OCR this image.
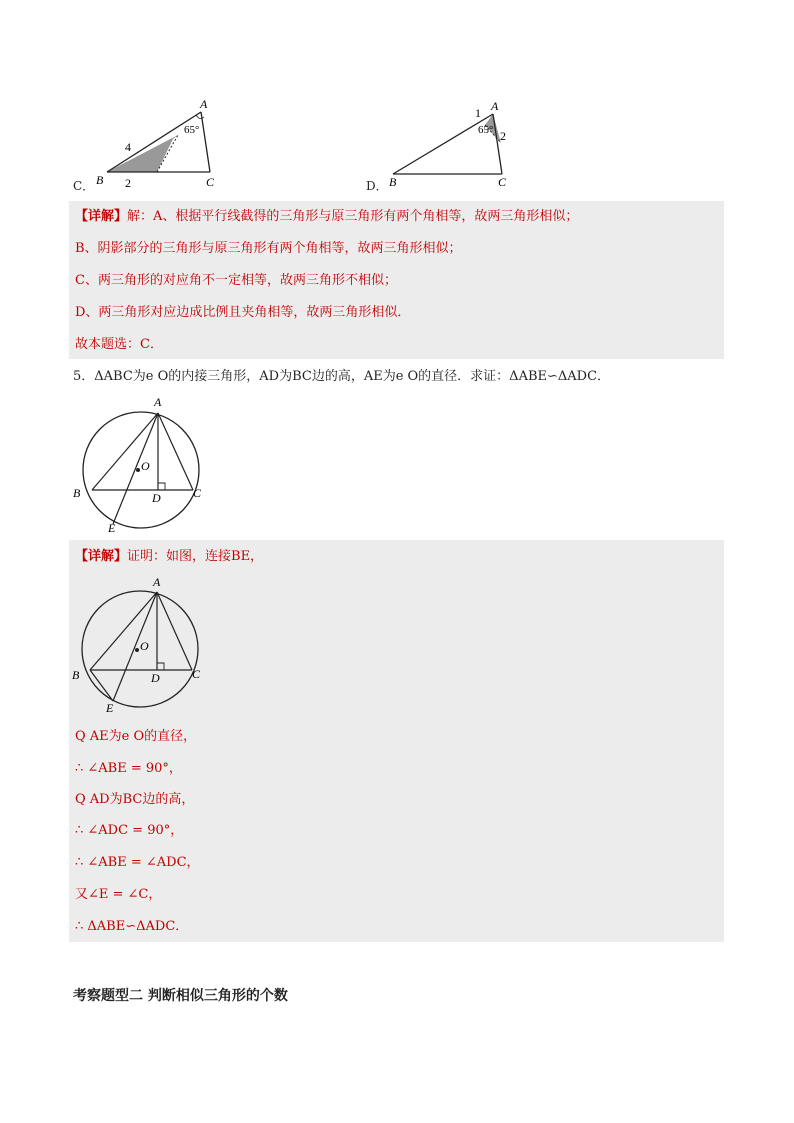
A
B	C
4
2
65°
C．
A
B	C
1
2
65°
D．
【详解】解：A、根据平行线截得的三角形与原三角形有两个角相等，故两三角形相似；
B、阴影部分的三角形与原三角形有两个角相等，故两三角形相似；
C、两三角形的对应角不一定相等，故两三角形不相似；
D、两三角形对应边成比例且夹角相等，故两三角形相似．
故本题选：C．
5．ΔABC为e O的内接三角形，AD为BC边的高，AE为e O的直径．求证：ΔABE∽ΔADC．
A
B	C
D
E
O
【详解】证明：如图，连接BE，
A
B	C
D
E
O
Q AE为e O的直径，
∴ ∠ABE = 90°，
Q AD为BC边的高，
∴ ∠ADC = 90°，
∴ ∠ABE = ∠ADC，
又∠E = ∠C，
∴ ΔABE∽ΔADC．
考察题型二 判断相似三角形的个数
